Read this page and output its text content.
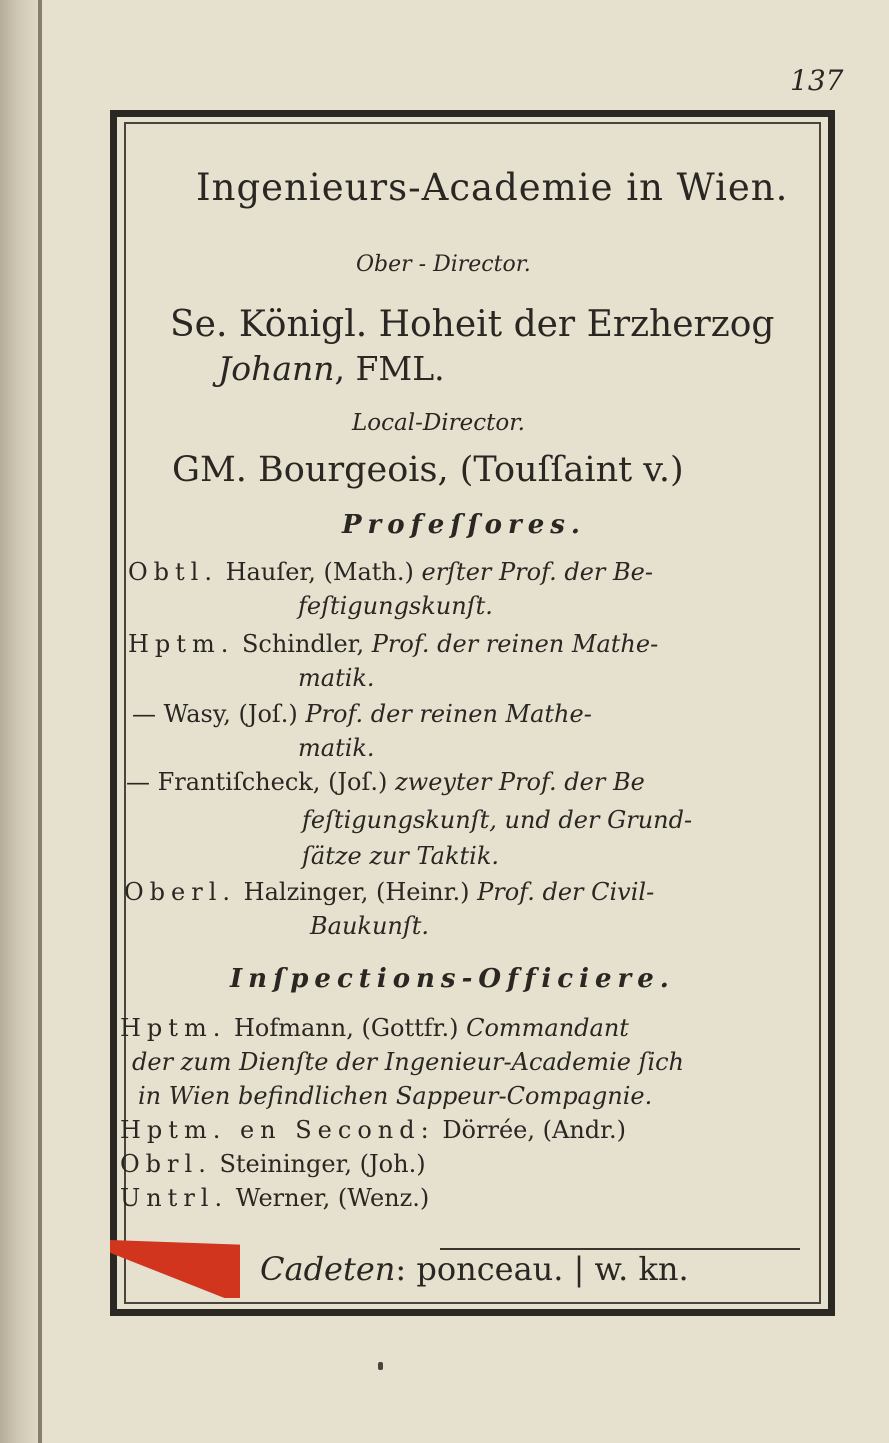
137
Ingenieurs-Academie in Wien.
Ober - Director.
Se. Königl. Hoheit der Erzherzog
Johann, FML.
Local-Director.
GM. Bourgeois, (Touſſaint v.)
Profeſſores.
Obtl. Hauſer, (Math.) erſter Prof. der Be-
feſtigungskunſt.
Hptm. Schindler, Prof. der reinen Mathe-
matik.
— Wasy, (Joſ.) Prof. der reinen Mathe-
matik.
— Frantiſcheck, (Joſ.) zweyter Prof. der Be
feſtigungskunſt, und der Grund-
ſätze zur Taktik.
Oberl. Halzinger, (Heinr.) Prof. der Civil-
Baukunſt.
Inſpections-Officiere.
Hptm. Hofmann, (Gottfr.) Commandant
der zum Dienſte der Ingenieur-Academie ſich
in Wien befindlichen Sappeur-Compagnie.
Hptm. en Second: Dörrée, (Andr.)
Obrl. Steininger, (Joh.)
Untrl. Werner, (Wenz.)
Cadeten: ponceau. | w. kn.
